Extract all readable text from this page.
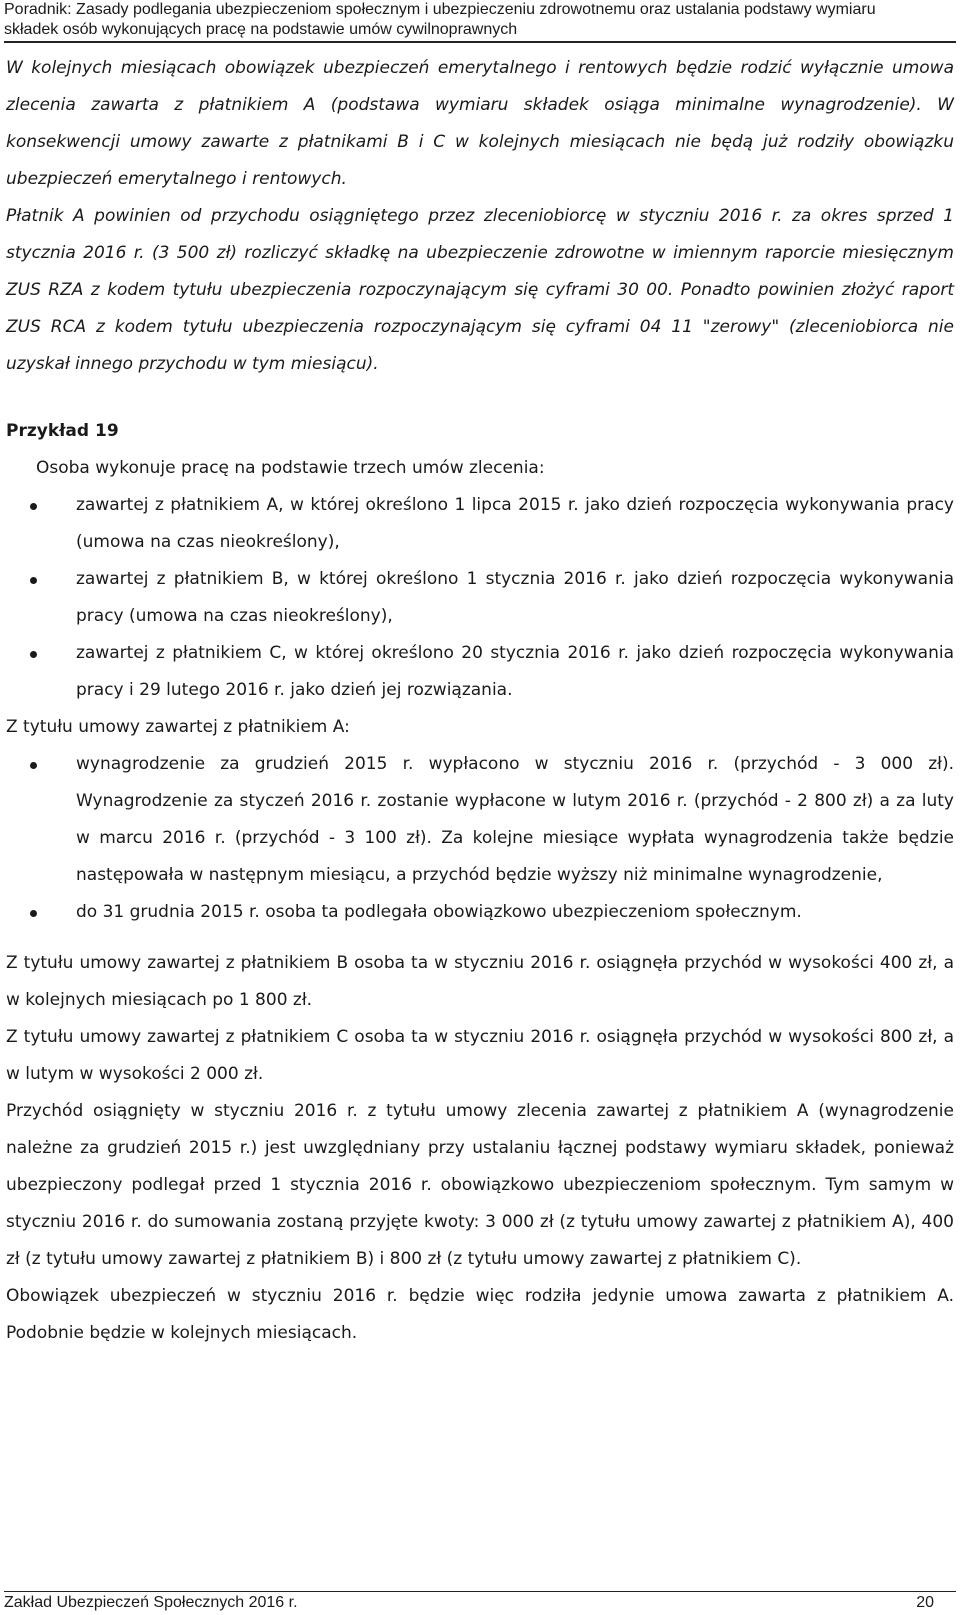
Poradnik: Zasady podlegania ubezpieczeniom społecznym i ubezpieczeniu zdrowotnemu oraz ustalania podstawy wymiaru
składek osób wykonujących pracę na podstawie umów cywilnoprawnych

W kolejnych miesiącach obowiązek ubezpieczeń emerytalnego i rentowych będzie rodzić wyłącznie umowa zlecenia zawarta z płatnikiem A (podstawa wymiaru składek osiąga minimalne wynagrodzenie). W konsekwencji umowy zawarte z płatnikami B i C w kolejnych miesiącach nie będą już rodziły obowiązku ubezpieczeń emerytalnego i rentowych.

Płatnik A powinien od przychodu osiągniętego przez zleceniobiorcę w styczniu 2016 r. za okres sprzed 1 stycznia 2016 r. (3 500 zł) rozliczyć składkę na ubezpieczenie zdrowotne w imiennym raporcie miesięcznym ZUS RZA z kodem tytułu ubezpieczenia rozpoczynającym się cyframi 30 00. Ponadto powinien złożyć raport ZUS RCA z kodem tytułu ubezpieczenia rozpoczynającym się cyframi 04 11 "zerowy" (zleceniobiorca nie uzyskał innego przychodu w tym miesiącu).

Przykład 19

Osoba wykonuje pracę na podstawie trzech umów zlecenia:

zawartej z płatnikiem A, w której określono 1 lipca 2015 r. jako dzień rozpoczęcia wykonywania pracy (umowa na czas nieokreślony),
zawartej z płatnikiem B, w której określono 1 stycznia 2016 r. jako dzień rozpoczęcia wykonywania pracy (umowa na czas nieokreślony),
zawartej z płatnikiem C, w której określono 20 stycznia 2016 r. jako dzień rozpoczęcia wykonywania pracy i 29 lutego 2016 r. jako dzień jej rozwiązania.

Z tytułu umowy zawartej z płatnikiem A:

wynagrodzenie za grudzień 2015 r. wypłacono w styczniu 2016 r. (przychód - 3 000 zł). Wynagrodzenie za styczeń 2016 r. zostanie wypłacone w lutym 2016 r. (przychód - 2 800 zł) a za luty w marcu 2016 r. (przychód - 3 100 zł). Za kolejne miesiące wypłata wynagrodzenia także będzie następowała w następnym miesiącu, a przychód będzie wyższy niż minimalne wynagrodzenie,
do 31 grudnia 2015 r. osoba ta podlegała obowiązkowo ubezpieczeniom społecznym.

Z tytułu umowy zawartej z płatnikiem B osoba ta w styczniu 2016 r. osiągnęła przychód w wysokości 400 zł, a w kolejnych miesiącach po 1 800 zł.

Z tytułu umowy zawartej z płatnikiem C osoba ta w styczniu 2016 r. osiągnęła przychód w wysokości 800 zł, a w lutym w wysokości 2 000 zł.

Przychód osiągnięty w styczniu 2016 r. z tytułu umowy zlecenia zawartej z płatnikiem A (wynagrodzenie należne za grudzień 2015 r.) jest uwzględniany przy ustalaniu łącznej podstawy wymiaru składek, ponieważ ubezpieczony podlegał przed 1 stycznia 2016 r. obowiązkowo ubezpieczeniom społecznym. Tym samym w styczniu 2016 r. do sumowania zostaną przyjęte kwoty: 3 000 zł (z tytułu umowy zawartej z płatnikiem A), 400 zł (z tytułu umowy zawartej z płatnikiem B) i 800 zł (z tytułu umowy zawartej z płatnikiem C).

Obowiązek ubezpieczeń w styczniu 2016 r. będzie więc rodziła jedynie umowa zawarta z płatnikiem A. Podobnie będzie w kolejnych miesiącach.

Zakład Ubezpieczeń Społecznych 2016 r.	20
